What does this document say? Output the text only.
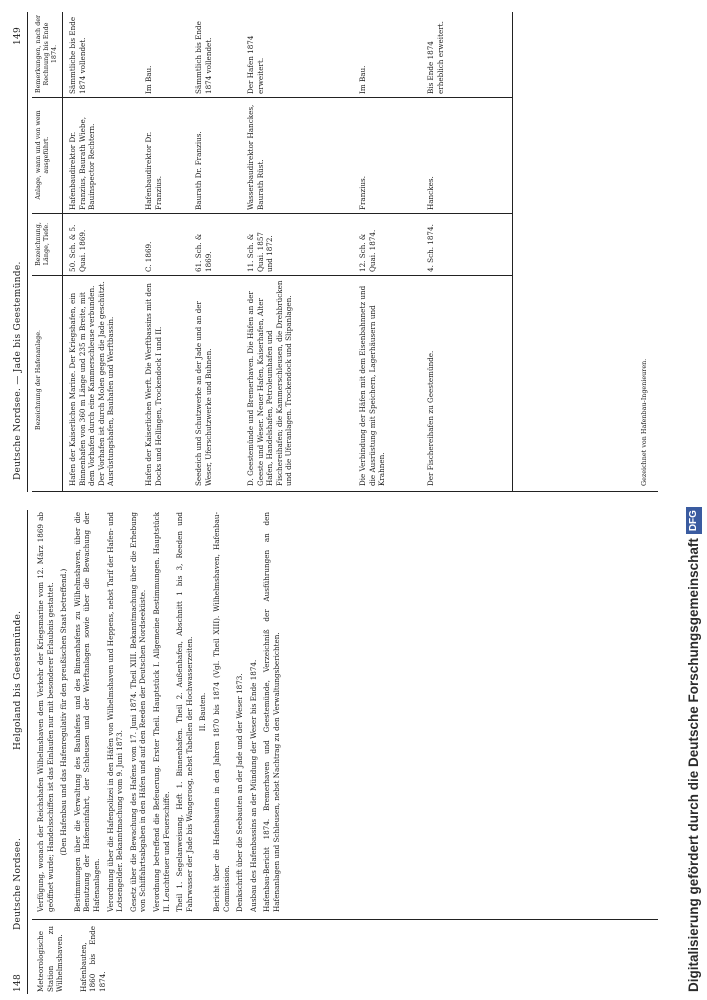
148
Deutsche Nordsee.
Helgoland bis Geestemünde.

Meteorologische Station zu Wilhelmshaven. Hafenbauten, 1860 bis Ende 1874.

Verfügung, wonach der Reichshafen Wilhelmshaven dem Verkehr der Kriegsmarine vom 12. März 1869 ab geöffnet wurde; Handelsschiffen ist das Einlaufen nur mit besonderer Erlaubnis gestattet. (Den Hafenbau und das Hafenregulativ für den preußischen Staat betreffend.) Bestimmungen über die Verwaltung des Bauhafens und des Binnenhafens zu Wilhelmshaven, über die Benutzung der Hafeneinfahrt, der Schleusen und der Werftanlagen sowie über die Bewachung der Hafenanlagen. Verordnung über die Hafenpolizei in den Häfen von Wilhelmshaven und Heppens, nebst Tarif der Hafen- und Lotsengelder. Bekanntmachung vom 9. Juni 1873. Gesetz über die Bewachung des Hafens vom 17. Juni 1874. Theil XIII. Bekanntmachung über die Erhebung von Schiffahrtsabgaben in den Häfen und auf den Reeden der Deutschen Nordseeküste. Verordnung betreffend die Befeuerung. Erster Theil. Hauptstück I. Allgemeine Bestimmungen. Hauptstück II. Leuchtfeuer und Feuerschiffe. Theil 1. Segelanweisung, Heft 1. Binnenhafen. Theil 2. Außenhafen, Abschnitt 1 bis 3, Reeden und Fahrwasser der Jade bis Wangeroog, nebst Tabellen der Hochwasserzeiten. II. Bauten. Bericht über die Hafenbauten in den Jahren 1870 bis 1874 (Vgl. Theil XIII). Wilhelmshaven, Hafenbau-Commission. Denkschrift über die Seebauten an der Jade und der Weser 1873. Ausbau des Hafenbassins an der Mündung der Weser bis Ende 1874. Hafenbau-Bericht 1874. Bremerhaven und Geestemünde, Verzeichniß der Ausführungen an den Hafenanlagen und Schleusen, nebst Nachtrag zu den Verwaltungsberichten.

Deutsche Nordsee. — Jade bis Geestemünde.
149
Bezeichnung der Hafenanlage.
Bezeichnung, Länge, Tiefe.
Anlage, wann und von wem ausgeführt.
Bemerkungen, nach der Rechnung bis Ende 1874.
Hafen der Kaiserlichen Marine. Der Kriegshafen, ein Binnenhafen von 360 m Länge und 235 m Breite, mit dem Vorhafen durch eine Kammerschleuse verbunden. Der Vorhafen ist durch Molen gegen die Jade geschützt. Ausrüstungshafen, Bauhafen und Werftbassin.
50. Sch. & 5. Quai. 1869.
Hafenbaudirektor Dr. Franzius, Baurath Wiebe, Bauinspector Rechtern.
Sämmtliche bis Ende 1874 vollendet.
Hafen der Kaiserlichen Werft. Die Werftbassins mit den Docks und Hellingen, Trockendock I und II.
C. 1869.
Hafenbaudirektor Dr. Franzius.
Im Bau.
Seedeich und Schutzwerke an der Jade und an der Weser, Uferschutzwerke und Buhnen.
61. Sch. & 1869.
Baurath Dr. Franzius.
Sämmtlich bis Ende 1874 vollendet.
D. Geestemünde und Bremerhaven. Die Häfen an der Geeste und Weser. Neuer Hafen, Kaiserhafen, Alter Hafen, Handelshafen, Petroleumhafen und Fischereihafen; die Kammerschleusen, die Drehbrücken und die Uferanlagen. Trockendock und Slipanlagen.
11. Sch. & Quai. 1857 und 1872.
Wasserbaudirektor Hanckes, Baurath Rüst.
Der Hafen 1874 erweitert.
Die Verbindung der Häfen mit dem Eisenbahnnetz und die Ausrüstung mit Speichern, Lagerhäusern und Krahnen.
12. Sch. & Quai. 1874.
Franzius.
Im Bau.
Der Fischereihafen zu Geestemünde.
4. Sch. 1874.
Hanckes.
Bis Ende 1874 erheblich erweitert.
Gezeichnet von Hafenbau-Ingenieuren.
Digitalisierung gefördert durch die Deutsche ForschungsgemeinschaftDFG
